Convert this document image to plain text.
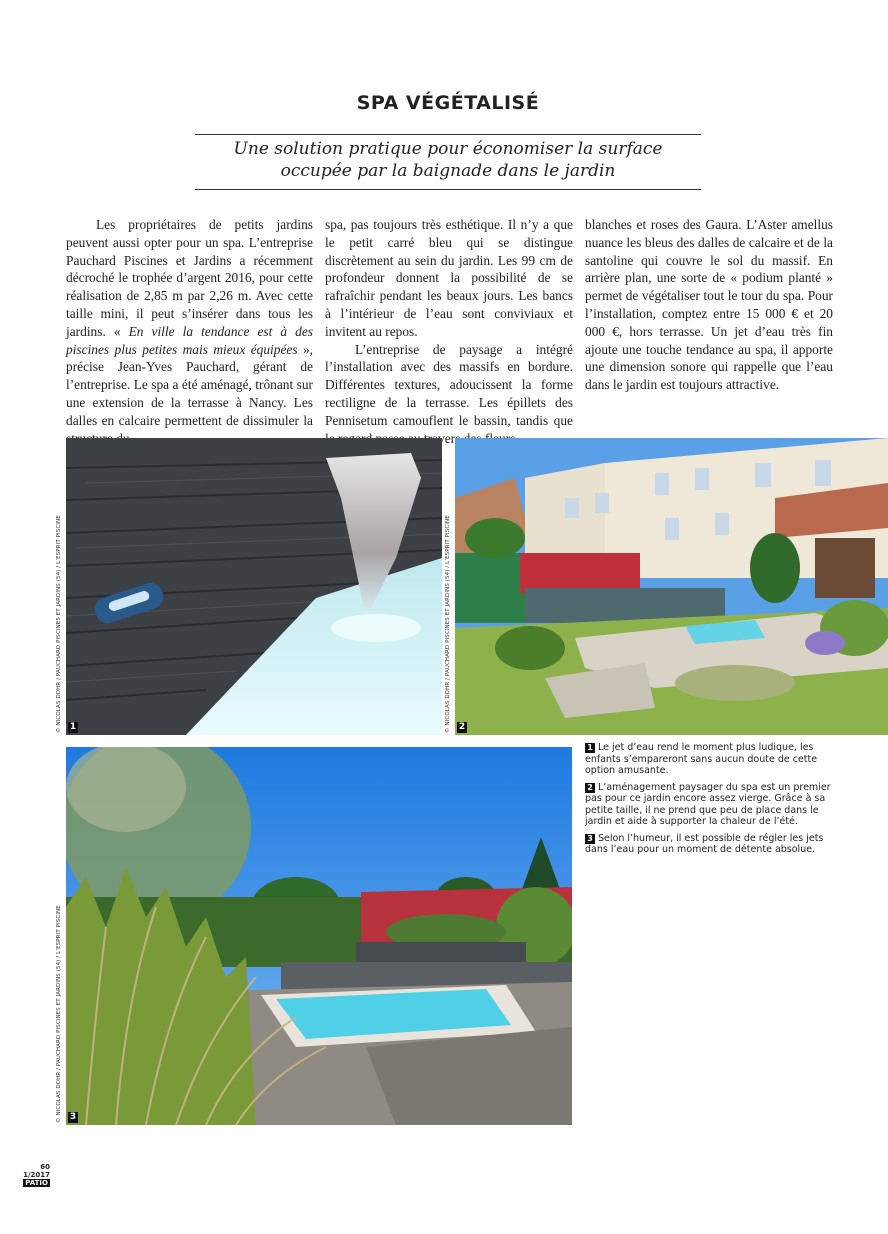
SPA VÉGÉTALISÉ

Une solution pratique pour économiser la surface
occupée par la baignade dans le jardin

Les propriétaires de petits jardins peuvent aussi opter pour un spa. L’entreprise Pauchard Piscines et Jardins a récemment décroché le trophée d’argent 2016, pour cette réalisation de 2,85 m par 2,26 m. Avec cette taille mini, il peut s’insérer dans tous les jardins. « En ville la tendance est à des piscines plus petites mais mieux équipées », précise Jean-Yves Pauchard, gérant de l’entreprise. Le spa a été aménagé, trônant sur une extension de la terrasse à Nancy. Les dalles en calcaire permettent de dissimuler la

spa, pas toujours très esthétique. Il n’y a que le petit carré bleu qui se distingue discrètement au sein du jardin. Les 99 cm de profondeur donnent la possibilité de se rafraîchir pendant les beaux jours. Les bancs à l’intérieur de l’eau sont conviviaux et invitent au repos.

L’entreprise de paysage a intégré l’installation avec des massifs en bordure. Différentes textures, adoucissent la forme rectiligne de la terrasse. Les épillets des Pennisetum camouflent le bassin, tandis que travers

blanches et roses des Gaura. L’Aster amellus nuance les bleus des dalles de calcaire et de la santoline qui couvre le sol du massif. En arrière plan, une sorte de « podium planté » permet de végétaliser tout le tour du spa. Pour l’installation, comptez entre 15 000 € et 20 000 €, hors terrasse. Un jet d’eau très fin ajoute une touche tendance au spa, il apporte une dimension sonore qui rappelle que l’eau dans le jardin est toujours attractive.

1
© NICOLAS DOHR / PAUCHARD PISCINES ET JARDINS (54) / L’ESPRIT PISCINE	2
© NICOLAS DOHR / PAUCHARD PISCINES ET JARDINS (54) / L’ESPRIT PISCINE
3
© NICOLAS DOHR / PAUCHARD PISCINES ET JARDINS (54) / L’ESPRIT PISCINE

1 Le jet d’eau rend le moment plus ludique, les enfants s’empareront sans aucun doute de cette option amusante.

2 L’aménagement paysager du spa est un premier pas pour ce jardin encore assez vierge. Grâce à sa petite taille, il ne prend que peu de place dans le jardin et aide à supporter la chaleur de l’été.

3 Selon l’humeur, il est possible de régler les jets dans l’eau pour un moment de détente absolue.

60
1/2017
PATIO
